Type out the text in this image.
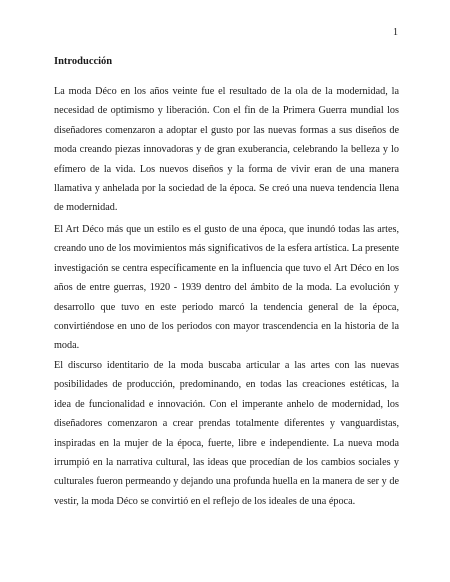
1
Introducción

La moda Déco en los años veinte fue el resultado de la ola de la modernidad, la necesidad de optimismo y liberación. Con el fin de la Primera Guerra mundial los diseñadores comenzaron a adoptar el gusto por las nuevas formas a sus diseños de moda creando piezas innovadoras y de gran exuberancia, celebrando la belleza y lo efímero de la vida. Los nuevos diseños y la forma de vivir eran de una manera llamativa y anhelada por la sociedad de la época. Se creó una nueva tendencia llena de modernidad.

El Art Déco más que un estilo es el gusto de una época, que inundó todas las artes, creando uno de los movimientos más significativos de la esfera artística. La presente investigación se centra específicamente en la influencia que tuvo el Art Déco en los años de entre guerras, 1920 - 1939 dentro del ámbito de la moda. La evolución y desarrollo que tuvo en este periodo marcó la tendencia general de la época, convirtiéndose en uno de los periodos con mayor trascendencia en la historia de la moda.

El discurso identitario de la moda buscaba articular a las artes con las nuevas posibilidades de producción, predominando, en todas las creaciones estéticas, la idea de funcionalidad e innovación. Con el imperante anhelo de modernidad, los diseñadores comenzaron a crear prendas totalmente diferentes y vanguardistas, inspiradas en la mujer de la época, fuerte, libre e independiente. La nueva moda irrumpió en la narrativa cultural, las ideas que procedían de los cambios sociales y culturales fueron permeando y dejando una profunda huella en la manera de ser y de vestir, la moda Déco se convirtió en el reflejo de los ideales de una época.
